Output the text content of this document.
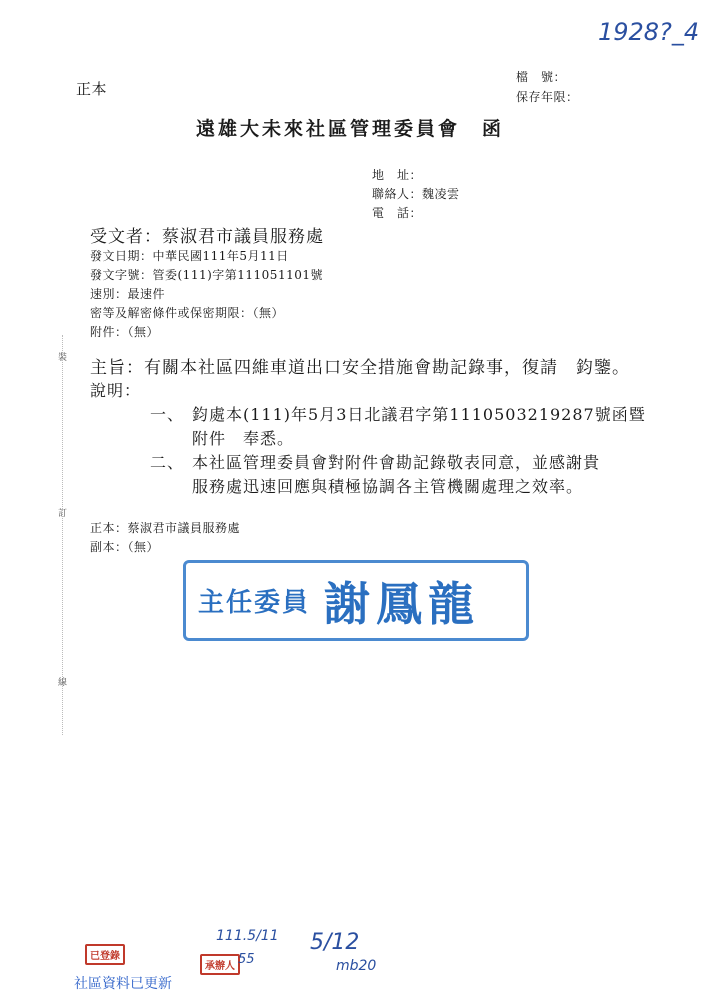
1928?_4
正本
檔　號：
保存年限：
遠雄大未來社區管理委員會　函
地　址：
聯絡人：魏凌雲
電　話：
受文者：蔡淑君市議員服務處
發文日期：中華民國111年5月11日
發文字號：管委(111)字第111051101號
速別：最速件
密等及解密條件或保密期限：（無）
附件：（無）
裝
訂
線
主旨：有關本社區四維車道出口安全措施會勘記錄事，復請　鈞鑒。
說明：
一、 鈞處本(111)年5月3日北議君字第1110503219287號函暨
附件　奉悉。
二、 本社區管理委員會對附件會勘記錄敬表同意，並感謝貴
服務處迅速回應與積極協調各主管機關處理之效率。
正本：蔡淑君市議員服務處
副本：（無）
主任委員 謝鳳龍
已登錄
承辦人
111.5/11
55
5/12
mb20
社區資料已更新
